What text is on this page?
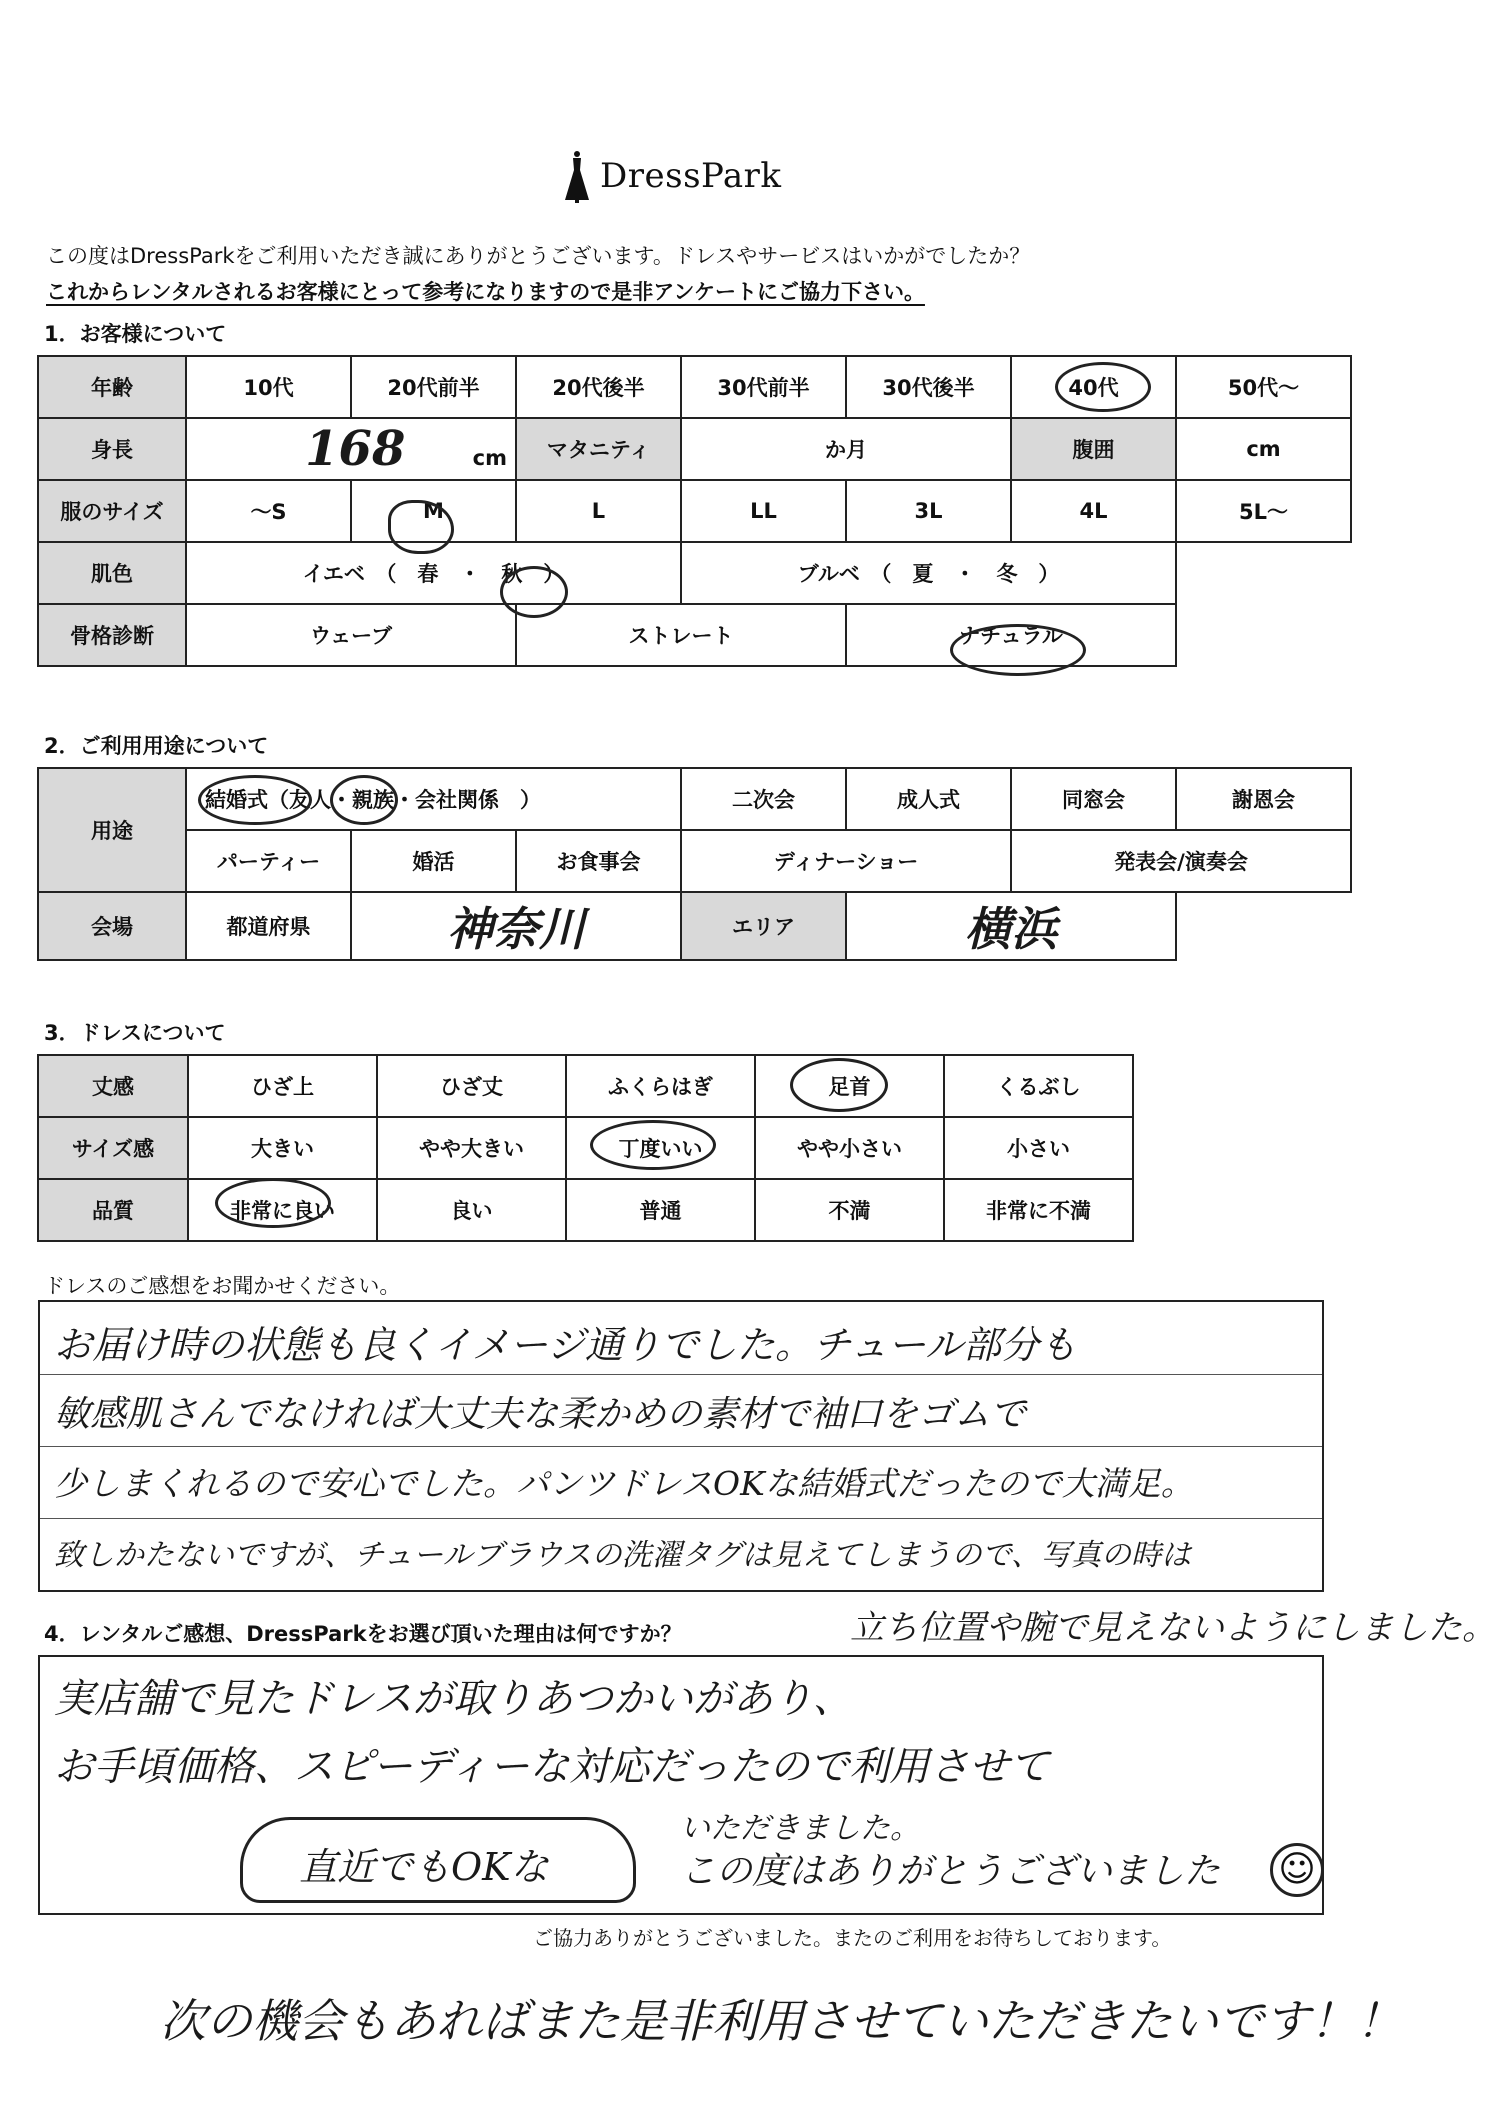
DressPark
この度はDressParkをご利用いただき誠にありがとうございます。ドレスやサービスはいかがでしたか？
これからレンタルされるお客様にとって参考になりますので是非アンケートにご協力下さい。
1．お客様について
年齢	10代	20代前半	20代後半	30代前半	30代後半	40代	50代～
身長	168 cm		マタニティ	か月		腹囲	cm
服のサイズ	～S	M	L	LL	3L	4L	5L～
肌色	イエベ　（　春　・　秋　）			ブルベ　（　夏　・　冬　）			
骨格診断	ウェーブ		ストレート		ナチュラル		
2．ご利用用途について
用途	結婚式（友人・親族・会社関係　）			二次会	成人式	同窓会	謝恩会
	パーティー	婚活	お食事会	ディナーショー		発表会/演奏会	
会場	都道府県	神奈川		エリア	横浜		
3．ドレスについて
丈感	ひざ上	ひざ丈	ふくらはぎ	足首	くるぶし
サイズ感	大きい	やや大きい	丁度いい	やや小さい	小さい
品質	非常に良い	良い	普通	不満	非常に不満
ドレスのご感想をお聞かせください。
お届け時の状態も良くイメージ通りでした。チュール部分も
敏感肌さんでなければ大丈夫な柔かめの素材で袖口をゴムで
少しまくれるので安心でした。パンツドレスOKな結婚式だったので大満足。
致しかたないですが、チュールブラウスの洗濯タグは見えてしまうので、写真の時は
立ち位置や腕で見えないようにしました。
4．レンタルご感想、DressParkをお選び頂いた理由は何ですか？
実店舗で見たドレスが取りあつかいがあり、
お手頃価格、スピーディーな対応だったので利用させて
いただきました。
この度はありがとうございました
直近でもOKな	☺
ご協力ありがとうございました。またのご利用をお待ちしております。
次の機会もあればまた是非利用させていただきたいです！！
